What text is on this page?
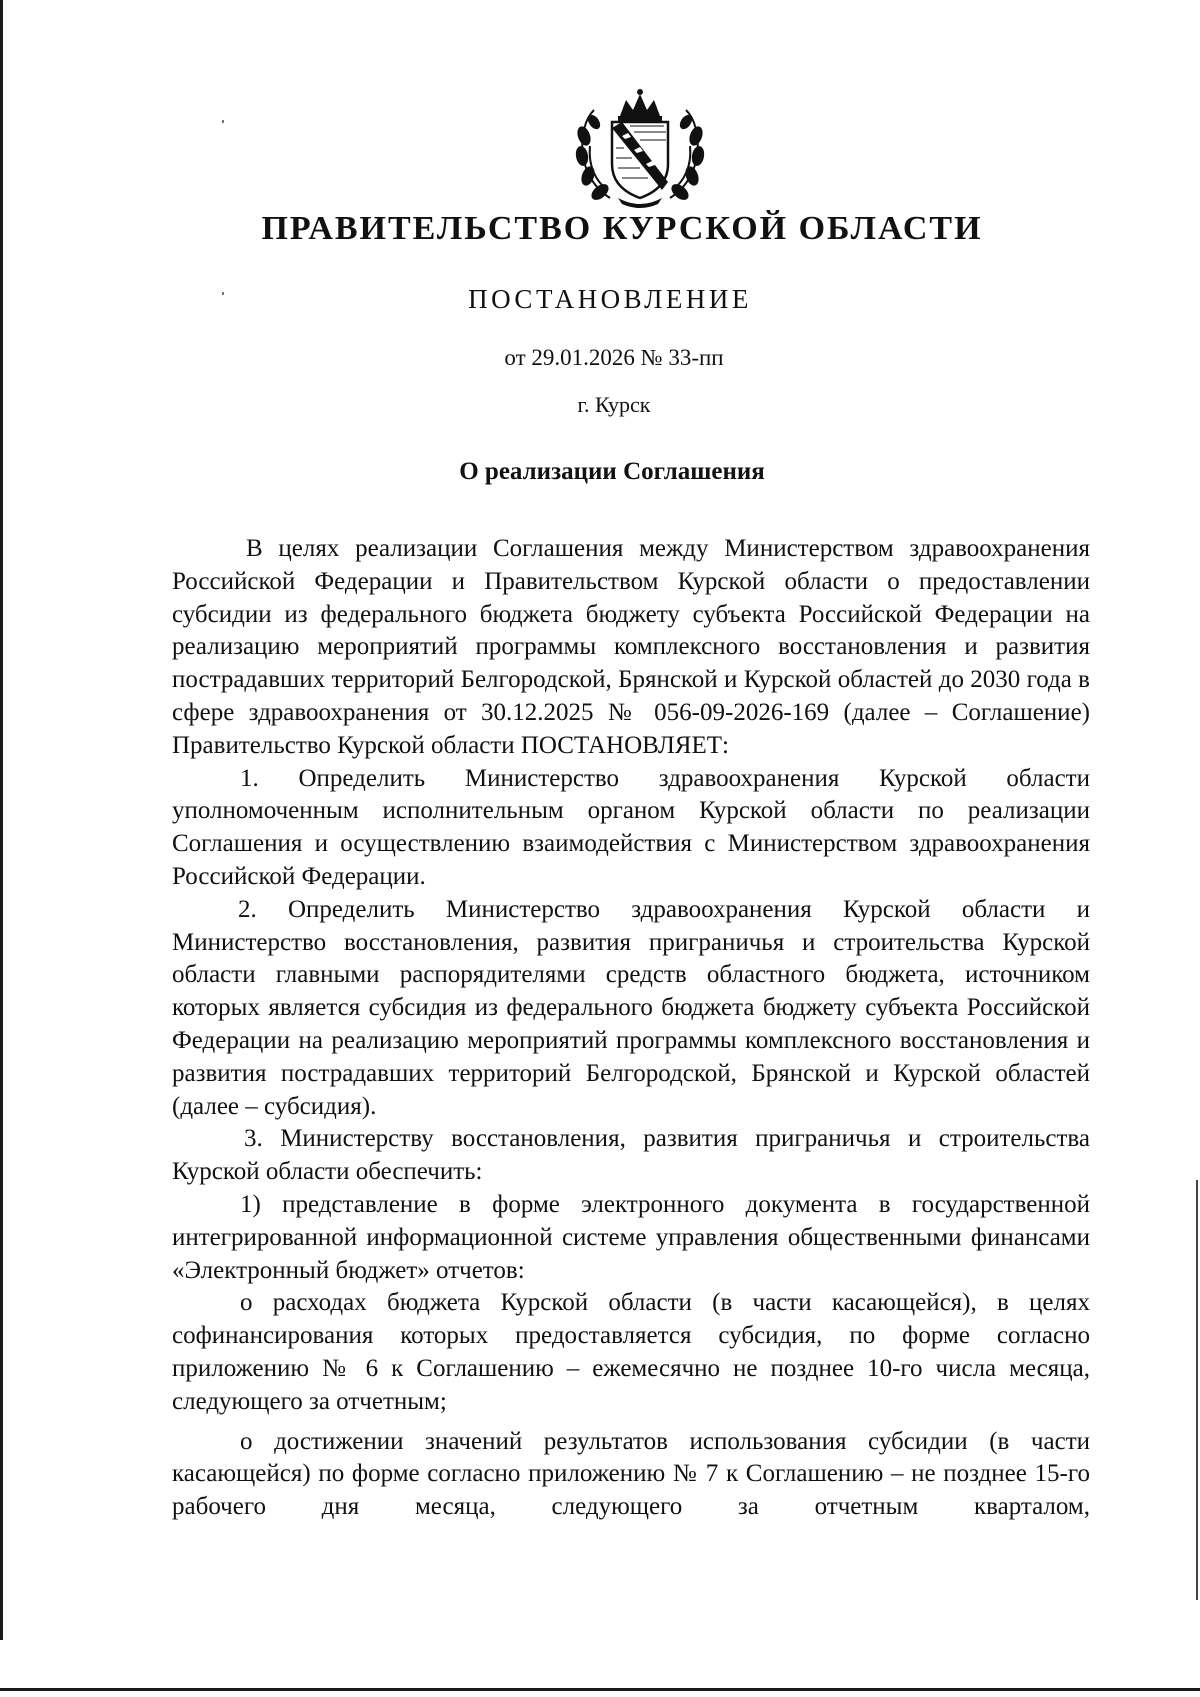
ПРАВИТЕЛЬСТВО КУРСКОЙ ОБЛАСТИ
ПОСТАНОВЛЕНИЕ
от 29.01.2026 № 33-пп
г. Курск
О реализации Соглашения

В целях реализации Соглашения между Министерством здравоохранения Российской Федерации и Правительством Курской области о предоставлении субсидии из федерального бюджета бюджету субъекта Российской Федерации на реализацию мероприятий программы комплексного восстановления и развития пострадавших территорий Белгородской, Брянской и Курской областей до 2030 года в сфере здравоохранения от 30.12.2025 № 056-09-2026-169 (далее – Соглашение) Правительство Курской области ПОСТАНОВЛЯЕТ:

1. Определить Министерство здравоохранения Курской области уполномоченным исполнительным органом Курской области по реализации Соглашения и осуществлению взаимодействия с Министерством здравоохранения Российской Федерации.

2. Определить Министерство здравоохранения Курской области и Министерство восстановления, развития приграничья и строительства Курской области главными распорядителями средств областного бюджета, источником которых является субсидия из федерального бюджета бюджету субъекта Российской Федерации на реализацию мероприятий программы комплексного восстановления и развития пострадавших территорий Белгородской, Брянской и Курской областей (далее – субсидия).

3. Министерству восстановления, развития приграничья и строительства Курской области обеспечить:

1) представление в форме электронного документа в государственной интегрированной информационной системе управления общественными финансами «Электронный бюджет» отчетов:

о расходах бюджета Курской области (в части касающейся), в целях софинансирования которых предоставляется субсидия, по форме согласно приложению № 6 к Соглашению – ежемесячно не позднее 10-го числа месяца, следующего за отчетным;

о достижении значений результатов использования субсидии (в части касающейся) по форме согласно приложению № 7 к Соглашению – не позднее 15-го рабочего дня месяца, следующего за отчетным кварталом,
